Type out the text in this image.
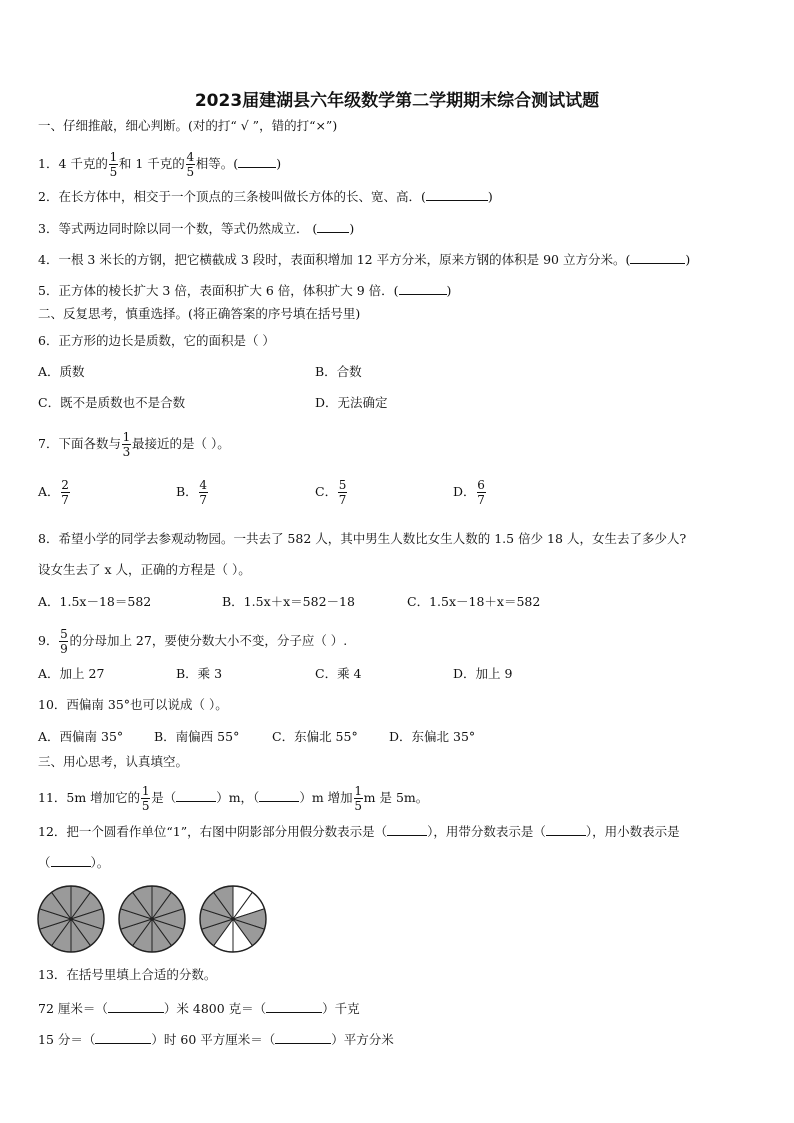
2023届建湖县六年级数学第二学期期末综合测试试题
一、仔细推敲，细心判断。(对的打“ √ ”，错的打“×”)
1．4 千克的 $\frac{1}{5}$ 和 1 千克的 $\frac{4}{5}$ 相等。(	)
2．在长方体中，相交于一个顶点的三条棱叫做长方体的长、宽、高．(	)
3．等式两边同时除以同一个数，等式仍然成立． (	)
4．一根 3 米长的方钢，把它横截成 3 段时，表面积增加 12 平方分米，原来方钢的体积是 90 立方分米。(	)
5．正方体的棱长扩大 3 倍，表面积扩大 6 倍，体积扩大 9 倍．(	)
二、反复思考，慎重选择。(将正确答案的序号填在括号里)
6．正方形的边长是质数，它的面积是（ ）
A．质数	B．合数
C．既不是质数也不是合数	D．无法确定
7．下面各数与 $\frac{1}{3}$ 最接近的是（ ）。
A． $\frac{2}{7}$	B． $\frac{4}{7}$	C． $\frac{5}{7}$	D． $\frac{6}{7}$
8．希望小学的同学去参观动物园。一共去了 582 人，其中男生人数比女生人数的 1.5 倍少 18 人，女生去了多少人?
设女生去了 x 人，正确的方程是（ ）。
A．1.5x－18＝582	B．1.5x＋x＝582－18	C．1.5x－18＋x＝582
9． $\frac{5}{9}$ 的分母加上 27，要使分数大小不变，分子应（ ）.
A．加上 27	B．乘 3	C．乘 4	D．加上 9
10．西偏南 35°也可以说成（ ）。
A．西偏南 35° B．南偏西 55°	C．东偏北 55°	D．东偏北 35°
三、用心思考，认真填空。
11．5m 增加它的 $\frac{1}{5}$ 是（	）m，（	）m 增加 $\frac{1}{5}$ m 是 5m。
12．把一个圆看作单位“1”，右图中阴影部分用假分数表示是（	），用带分数表示是（	），用小数表示是
（	）。
13．在括号里填上合适的分数。
72 厘米＝（	）米 4800 克＝（	）千克
15 分＝（	）时 60 平方厘米＝（	）平方分米
